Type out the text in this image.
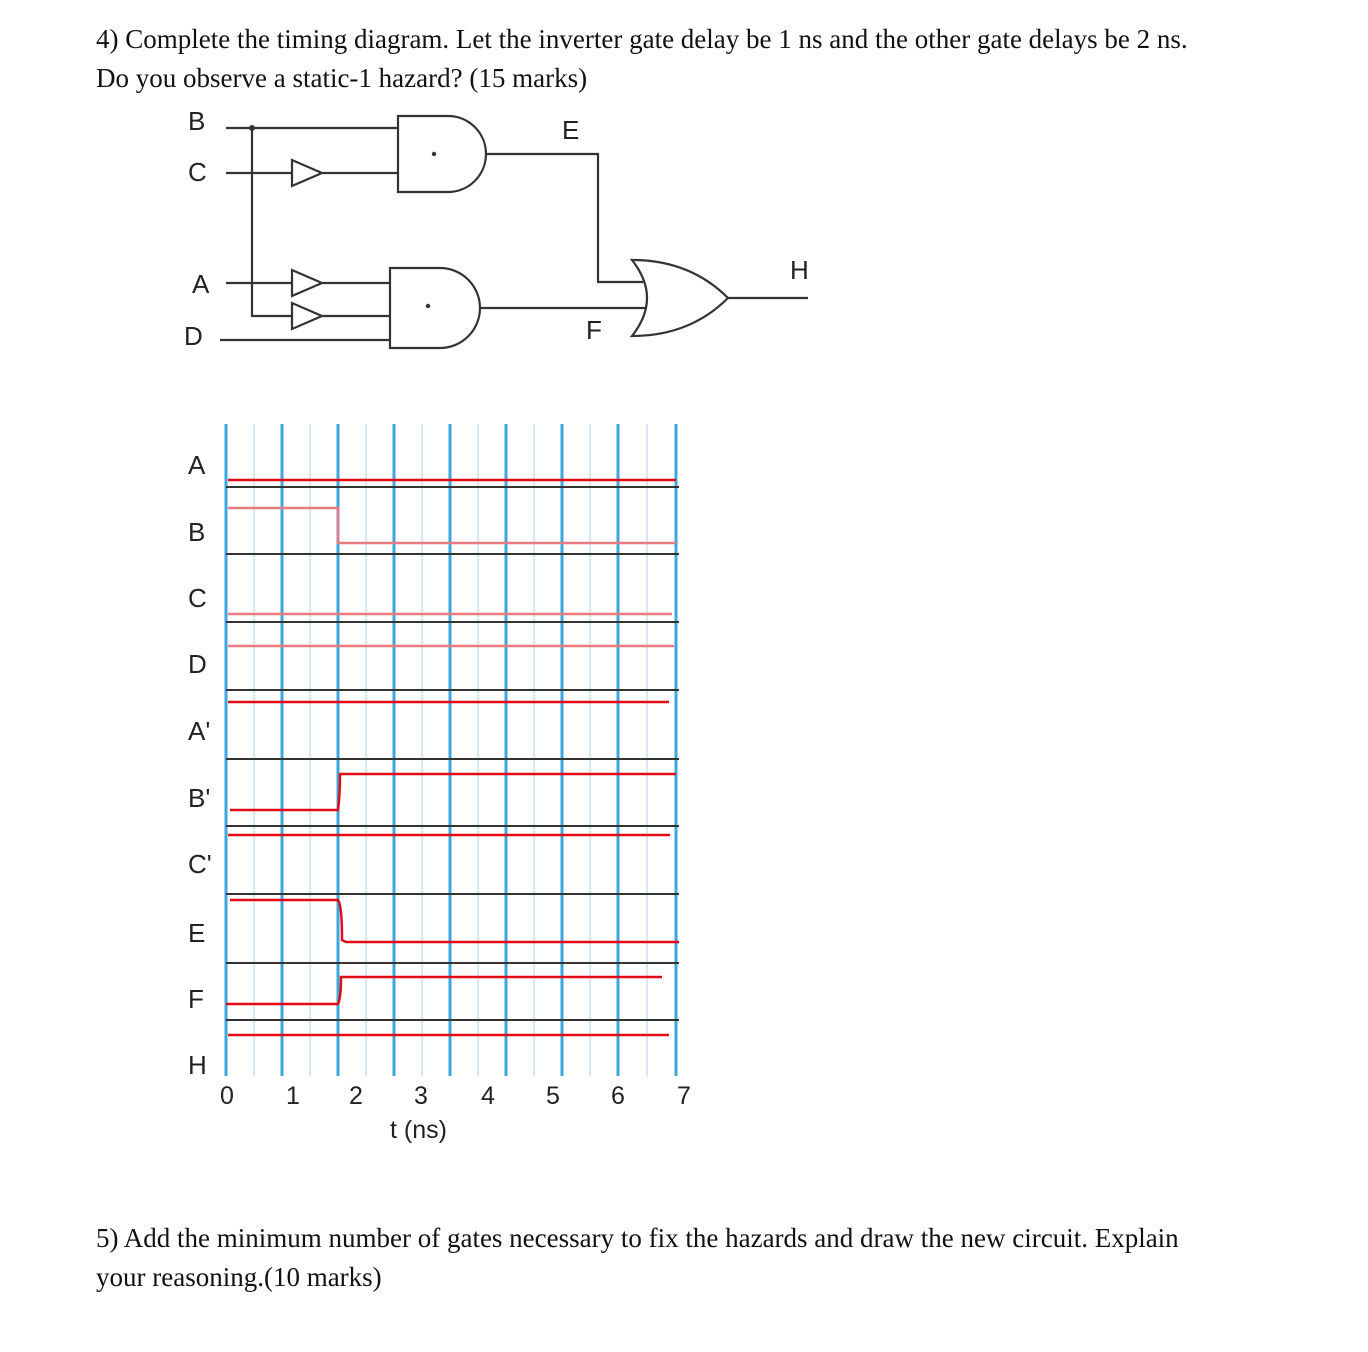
4) Complete the timing diagram. Let the inverter gate delay be 1 ns and the other gate delays be 2 ns. Do you observe a static-1 hazard? (15 marks)

B
C
A
D
E
F
H
A
B
C
D
A'
B'
C'
E
F
H
0 1 2 3 4 5 6 7
t (ns)

5) Add the minimum number of gates necessary to fix the hazards and draw the new circuit. Explain your reasoning.(10 marks)
